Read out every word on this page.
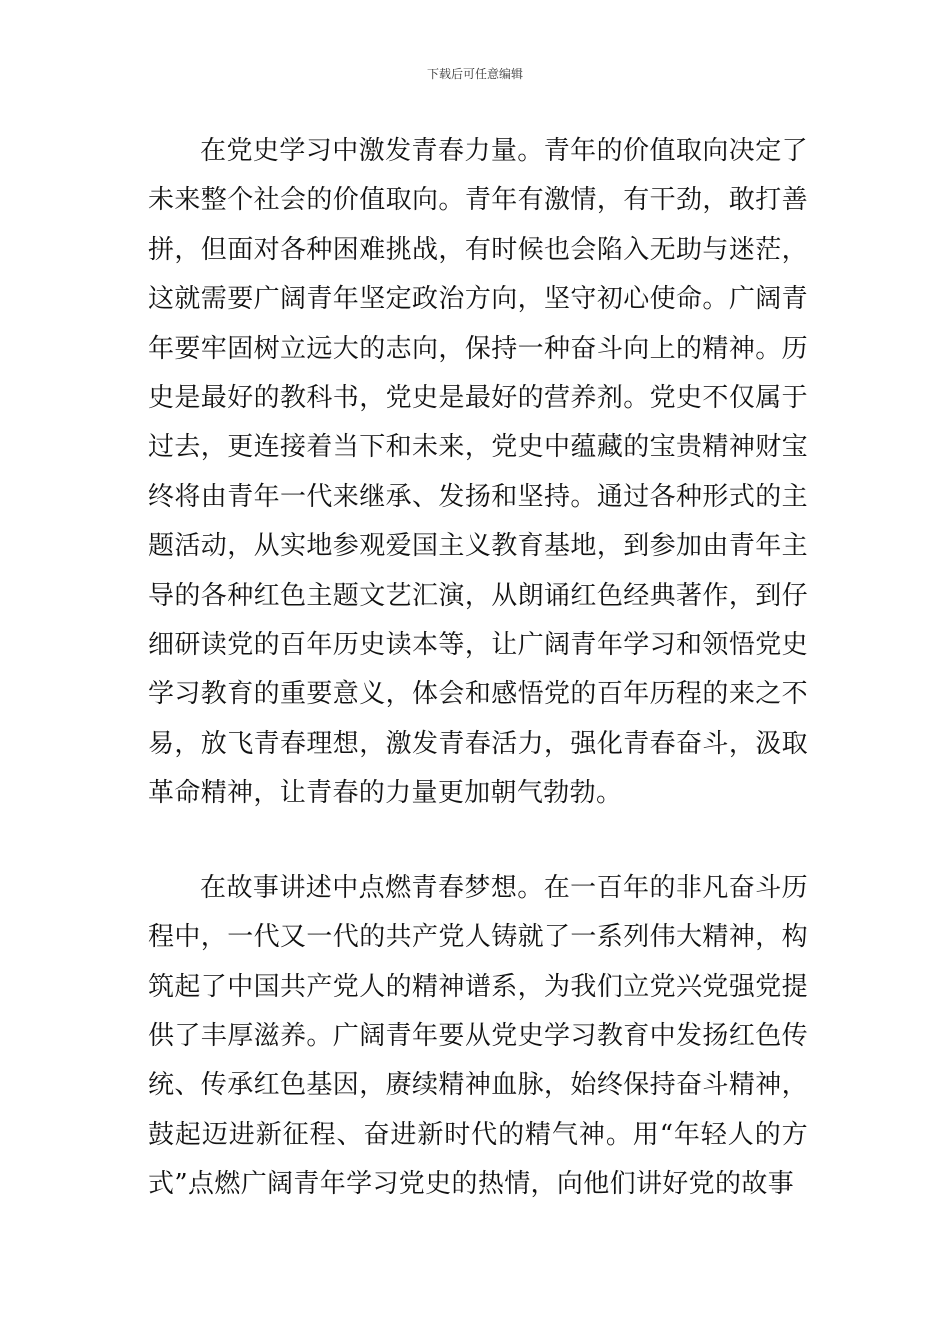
下载后可任意编辑

在党史学习中激发青春力量。青年的价值取向决定了未来整个社会的价值取向。青年有激情，有干劲，敢打善拼，但面对各种困难挑战，有时候也会陷入无助与迷茫，这就需要广阔青年坚定政治方向，坚守初心使命。广阔青年要牢固树立远大的志向，保持一种奋斗向上的精神。历史是最好的教科书，党史是最好的营养剂。党史不仅属于过去，更连接着当下和未来，党史中蕴藏的宝贵精神财宝终将由青年一代来继承、发扬和坚持。通过各种形式的主题活动，从实地参观爱国主义教育基地，到参加由青年主导的各种红色主题文艺汇演，从朗诵红色经典著作，到仔细研读党的百年历史读本等，让广阔青年学习和领悟党史学习教育的重要意义，体会和感悟党的百年历程的来之不易，放飞青春理想，激发青春活力，强化青春奋斗，汲取革命精神，让青春的力量更加朝气勃勃。

在故事讲述中点燃青春梦想。在一百年的非凡奋斗历程中，一代又一代的共产党人铸就了一系列伟大精神，构筑起了中国共产党人的精神谱系，为我们立党兴党强党提供了丰厚滋养。广阔青年要从党史学习教育中发扬红色传统、传承红色基因，赓续精神血脉，始终保持奋斗精神，鼓起迈进新征程、奋进新时代的精气神。用“年轻人的方式”点燃广阔青年学习党史的热情，向他们讲好党的故事
